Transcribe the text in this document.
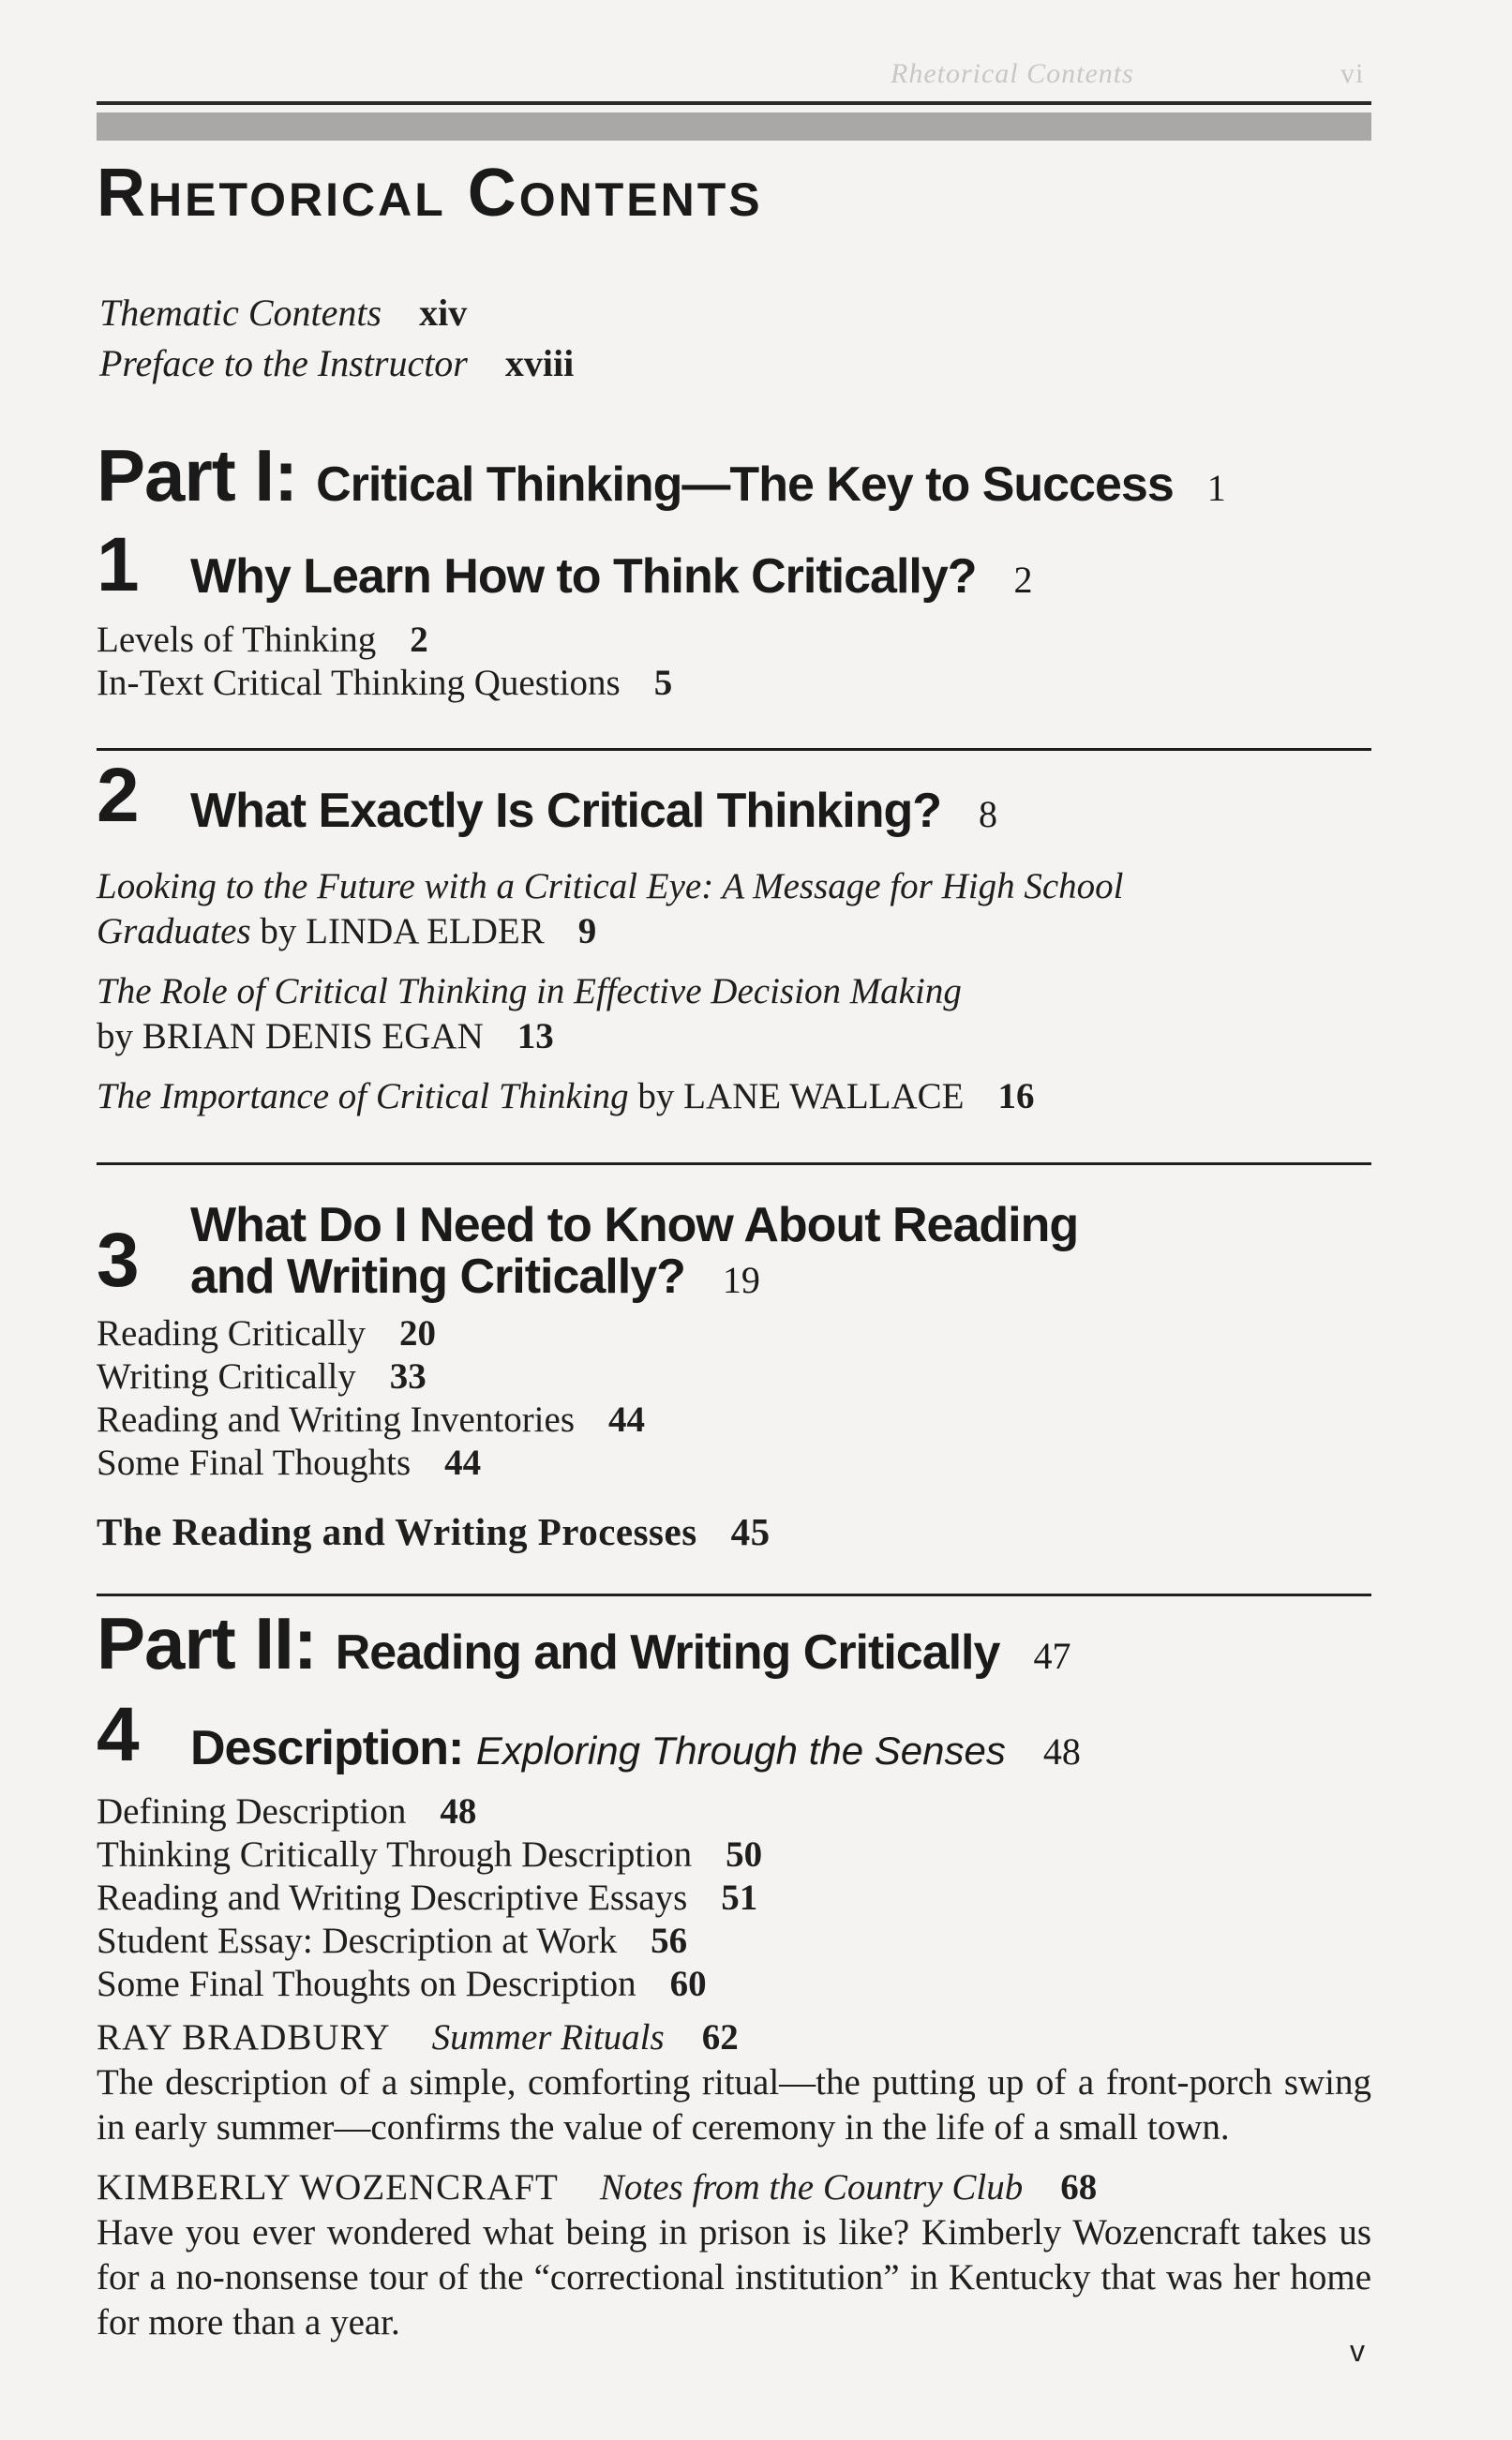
Rhetorical Contents	vi
Rhetorical Contents
Thematic Contents xiv
Preface to the Instructor xviii
Part I: Critical Thinking—The Key to Success 1
1 Why Learn How to Think Critically? 2
Levels of Thinking 2
In-Text Critical Thinking Questions 5
2 What Exactly Is Critical Thinking? 8
Looking to the Future with a Critical Eye: A Message for High School
Graduates by LINDA ELDER 9
The Role of Critical Thinking in Effective Decision Making
by BRIAN DENIS EGAN 13
The Importance of Critical Thinking by LANE WALLACE 16
3 What Do I Need to Know About Reading
and Writing Critically? 19
Reading Critically 20
Writing Critically 33
Reading and Writing Inventories 44
Some Final Thoughts 44
The Reading and Writing Processes 45
Part II: Reading and Writing Critically 47
4 Description: Exploring Through the Senses 48
Defining Description 48
Thinking Critically Through Description 50
Reading and Writing Descriptive Essays 51
Student Essay: Description at Work 56
Some Final Thoughts on Description 60
RAY BRADBURY Summer Rituals 62
The description of a simple, comforting ritual—the putting up of a front-porch swing in early summer—confirms the value of ceremony in the life of a small town.
KIMBERLY WOZENCRAFT Notes from the Country Club 68
Have you ever wondered what being in prison is like? Kimberly Wozencraft takes us for a no-nonsense tour of the “correctional institution” in Kentucky that was her home for more than a year.
v
